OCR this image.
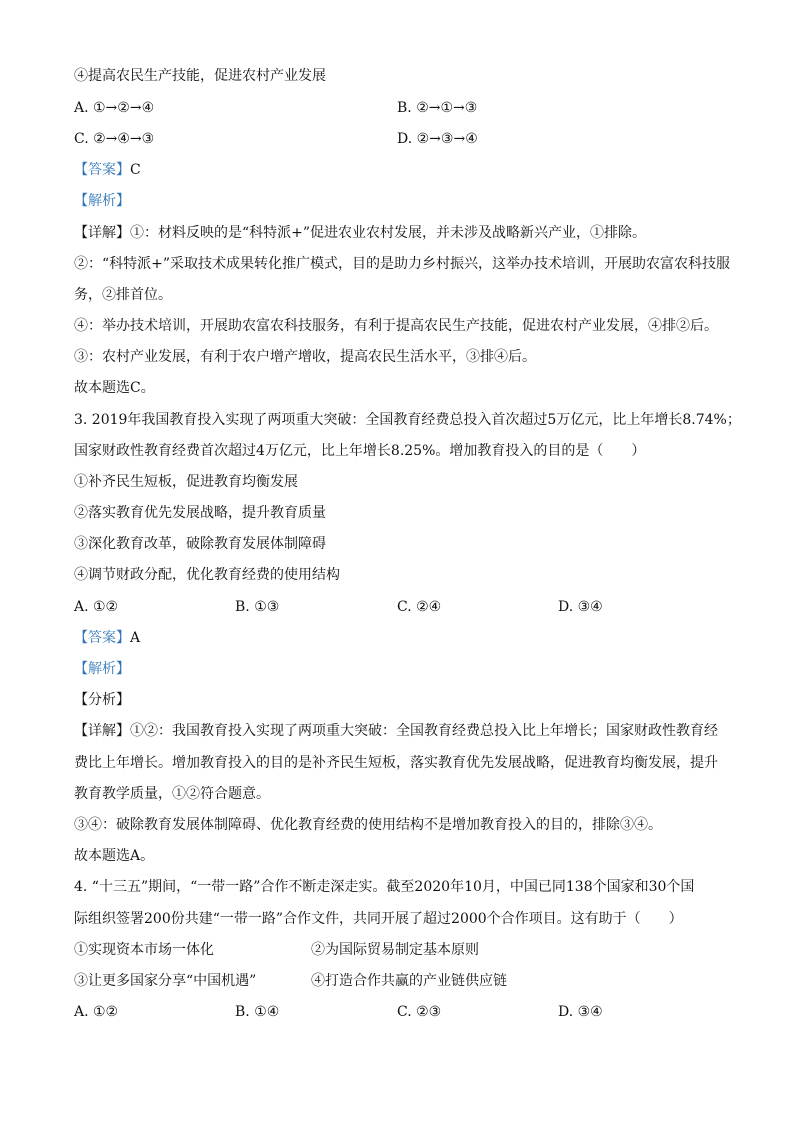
④提高农民生产技能，促进农村产业发展
A. ①→②→④	B. ②→①→③
C. ②→④→③	D. ②→③→④
【答案】C
【解析】
【详解】①：材料反映的是“科特派+”促进农业农村发展，并未涉及战略新兴产业，①排除。
②：“科特派+”采取技术成果转化推广模式，目的是助力乡村振兴，这举办技术培训，开展助农富农科技服
务，②排首位。
④：举办技术培训，开展助农富农科技服务，有利于提高农民生产技能，促进农村产业发展，④排②后。
③：农村产业发展，有利于农户增产增收，提高农民生活水平，③排④后。
故本题选C。
3. 2019年我国教育投入实现了两项重大突破：全国教育经费总投入首次超过5万亿元，比上年增长8.74%；
国家财政性教育经费首次超过4万亿元，比上年增长8.25%。增加教育投入的目的是（　　）
①补齐民生短板，促进教育均衡发展
②落实教育优先发展战略，提升教育质量
③深化教育改革，破除教育发展体制障碍
④调节财政分配，优化教育经费的使用结构
A. ①②	B. ①③	C. ②④	D. ③④
【答案】A
【解析】
【分析】
【详解】①②：我国教育投入实现了两项重大突破：全国教育经费总投入比上年增长；国家财政性教育经
费比上年增长。增加教育投入的目的是补齐民生短板，落实教育优先发展战略，促进教育均衡发展，提升
教育教学质量，①②符合题意。
③④：破除教育发展体制障碍、优化教育经费的使用结构不是增加教育投入的目的，排除③④。
故本题选A。
4. “十三五”期间，“一带一路”合作不断走深走实。截至2020年10月，中国已同138个国家和30个国
际组织签署200份共建“一带一路”合作文件，共同开展了超过2000个合作项目。这有助于（　　）
①实现资本市场一体化	②为国际贸易制定基本原则
③让更多国家分享“中国机遇”	④打造合作共赢的产业链供应链
A. ①②	B. ①④	C. ②③	D. ③④
